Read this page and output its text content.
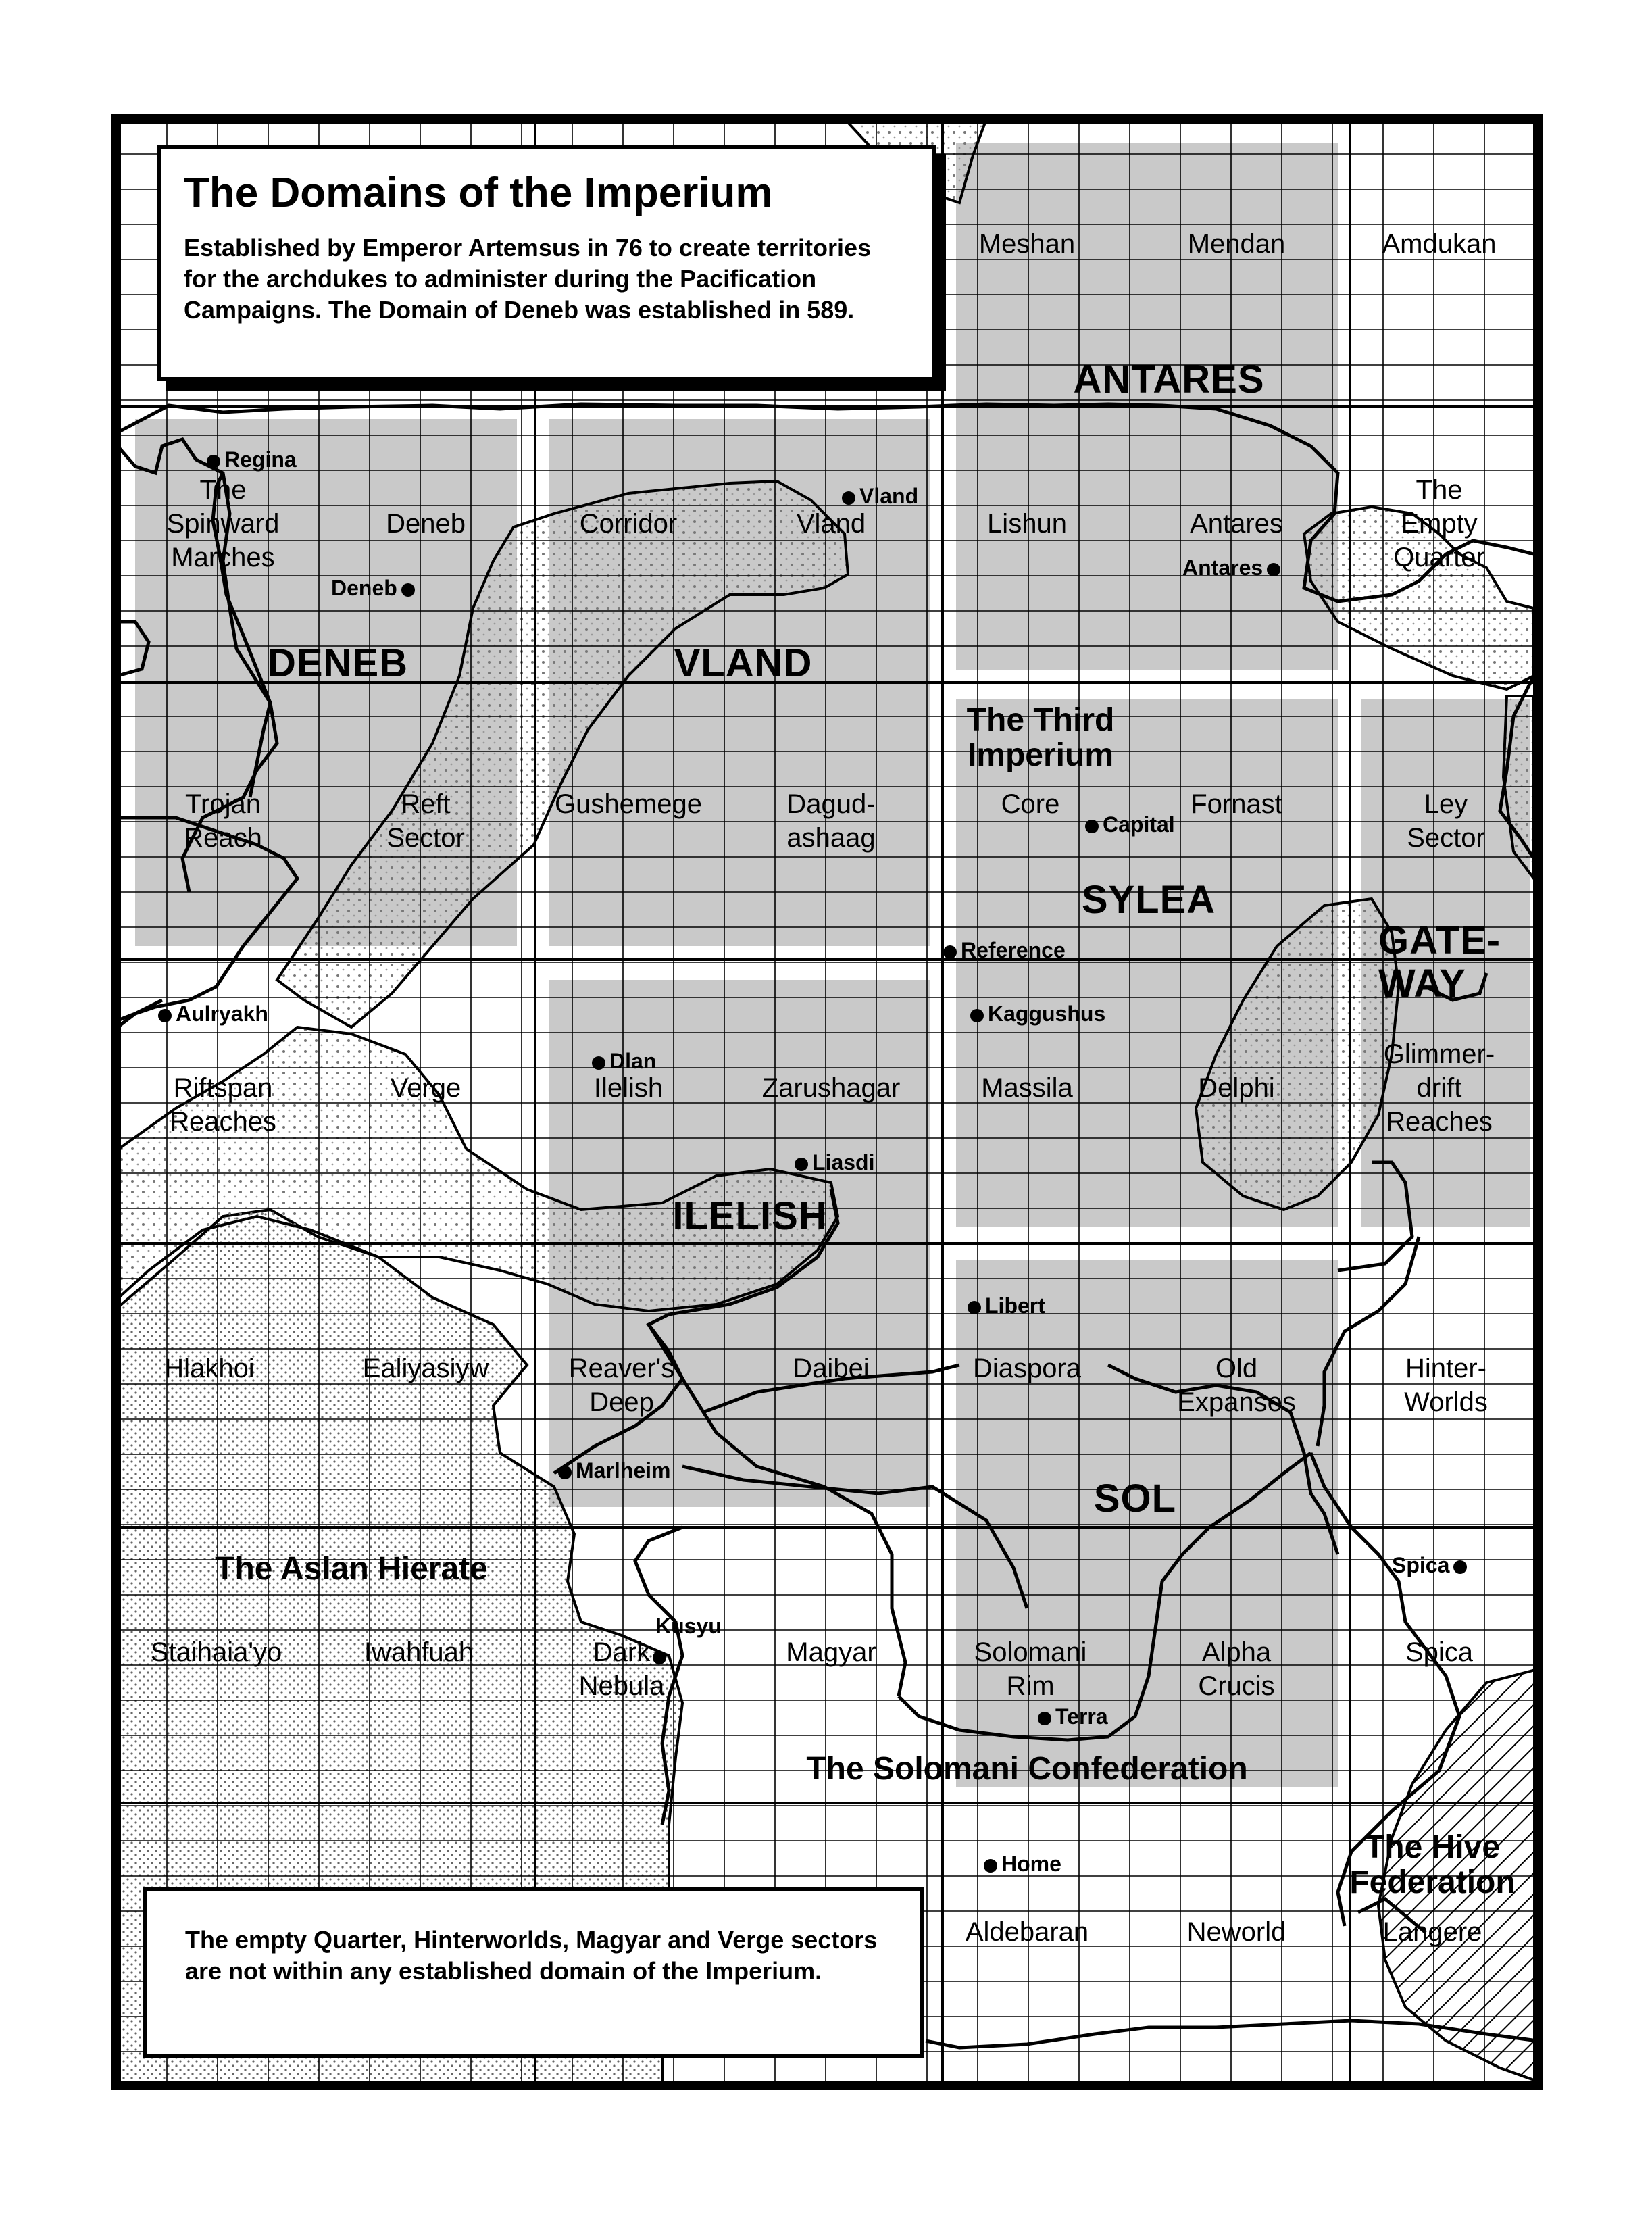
The Domains of the Imperium

Established by Emperor Artemsus in 76 to create territories for the archdukes to administer during the Pacification Campaigns. The Domain of Deneb was established in 589.

The empty Quarter, Hinterworlds, Magyar and Verge sectors are not within any established domain of the Imperium.

ANTARES
DENEB	VLAND
SYLEA
GATE-
WAY
ILELISH
SOL
The Third
Imperium
The Aslan Hierate
The Solomani Confederation
The Hive
Federation
Meshan	Mendan	Amdukan
The
Spinward
Marches
Deneb	Corridor	Vland	Lishun	Antares
The
Empty
Quarter
Trojan
Reach
Reft
Sector
Gushemege	Dagud-
ashaag
Core	Fornast	Ley
Sector
Riftspan
Reaches
Verge	Ilelish	Zarushagar	Massila	Delphi
Glimmer-
drift
Reaches
Hlakhoi	Ealiyasiyw	Reaver's
Deep
Daibei	Diaspora	Old
Expanses
Hinter-
Worlds
Staihaia'yo	Iwahfuah	Dark
Nebula
Magyar	Solomani
Rim
Alpha
Crucis
Spica
Aldebaran	Neworld	Langere
Regina
Deneb
Vland
Antares
Capital
Reference
Kaggushus
Aulryakh
Dlan
Liasdi
Libert
Marlheim
Kusyu
Spica
Terra
Home
